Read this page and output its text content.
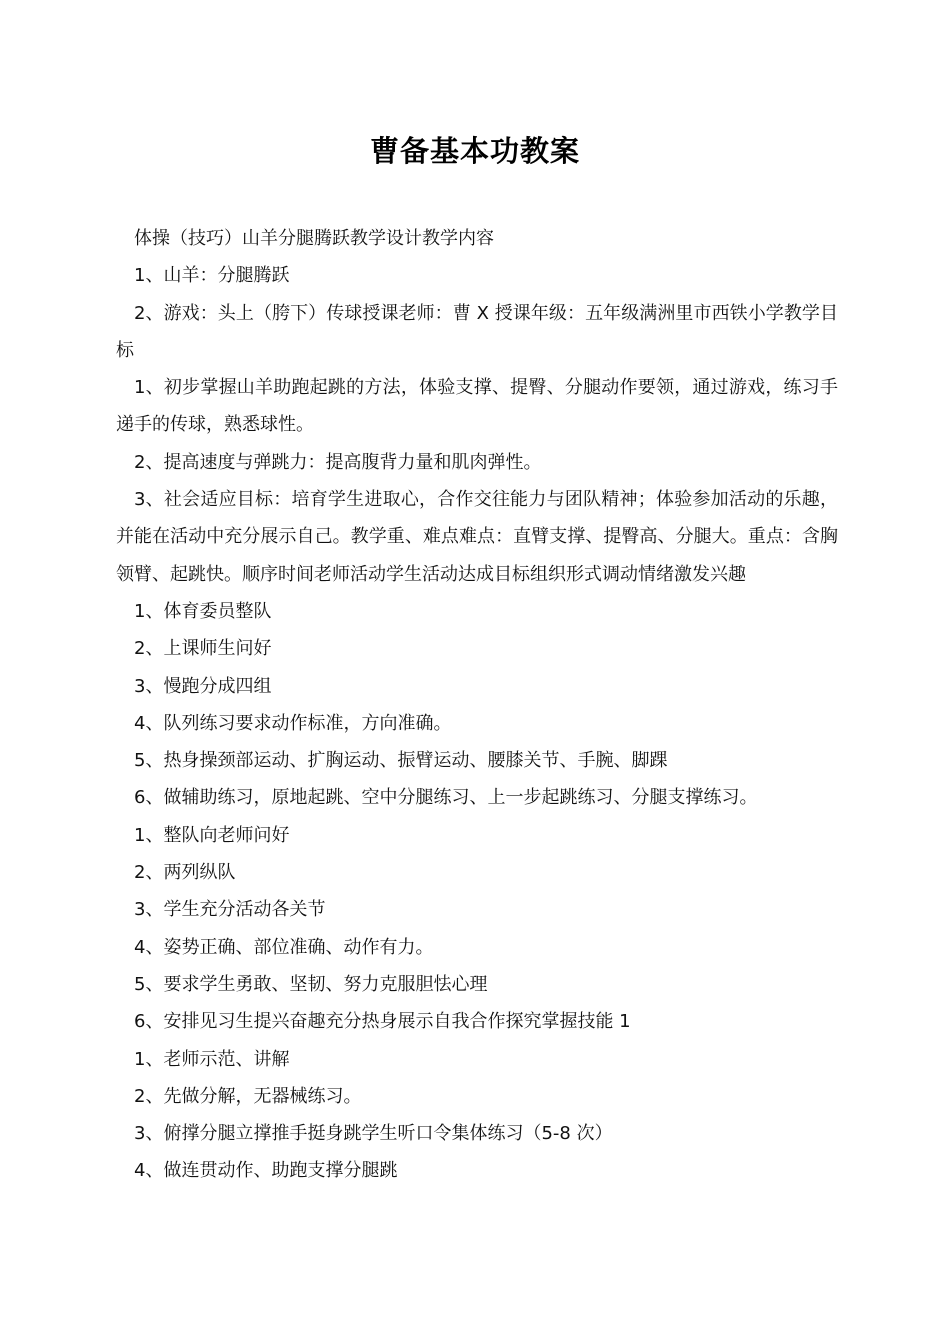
曹备基本功教案

体操（技巧）山羊分腿腾跃教学设计教学内容

1、山羊：分腿腾跃

2、游戏：头上（胯下）传球授课老师：曹 X 授课年级：五年级满洲里市西铁小学教学目标

1、初步掌握山羊助跑起跳的方法，体验支撑、提臀、分腿动作要领，通过游戏，练习手递手的传球，熟悉球性。

2、提高速度与弹跳力：提高腹背力量和肌肉弹性。

3、社会适应目标：培育学生进取心，合作交往能力与团队精神；体验参加活动的乐趣，并能在活动中充分展示自己。教学重、难点难点：直臂支撑、提臀高、分腿大。重点：含胸领臂、起跳快。顺序时间老师活动学生活动达成目标组织形式调动情绪激发兴趣

1、体育委员整队

2、上课师生问好

3、慢跑分成四组

4、队列练习要求动作标准，方向准确。

5、热身操颈部运动、扩胸运动、振臂运动、腰膝关节、手腕、脚踝

6、做辅助练习，原地起跳、空中分腿练习、上一步起跳练习、分腿支撑练习。

1、整队向老师问好

2、两列纵队

3、学生充分活动各关节

4、姿势正确、部位准确、动作有力。

5、要求学生勇敢、坚韧、努力克服胆怯心理

6、安排见习生提兴奋趣充分热身展示自我合作探究掌握技能 1

1、老师示范、讲解

2、先做分解，无器械练习。

3、俯撑分腿立撑推手挺身跳学生听口令集体练习（5-8 次）

4、做连贯动作、助跑支撑分腿跳
